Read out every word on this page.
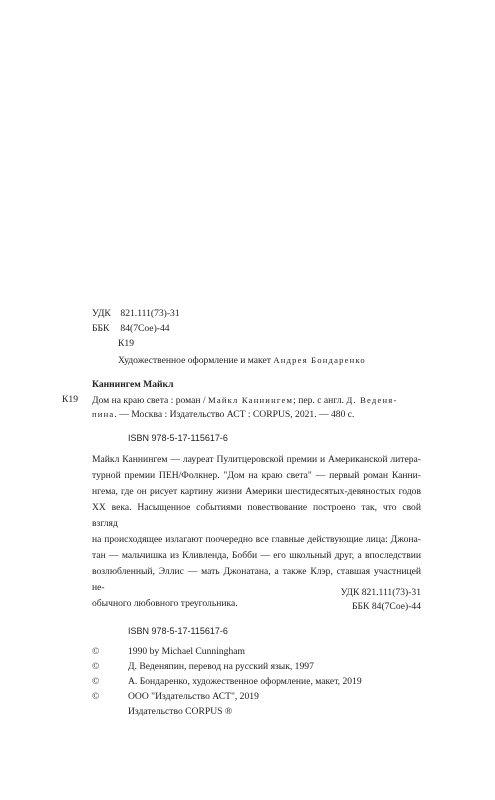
УДК 821.111(73)-31
ББК 84(7Сое)-44
К19
Художественное оформление и макет Андрея Бондаренко
Каннингем Майкл
К19 Дом на краю света : роман / Майкл Каннингем; пер. с англ. Д. Веденя-
пина. — Москва : Издательство АСТ : CORPUS, 2021. — 480 с.
ISBN 978-5-17-115617-6
Майкл Каннингем — лауреат Пулитцеровской премии и Американской литера-
турной премии ПЕН/Фолкнер. "Дом на краю света" — первый роман Канни-
нгема, где он рисует картину жизни Америки шестидесятых-девяностых годов
XX века. Насыщенное событиями повествование построено так, что свой взгляд
на происходящее излагают поочередно все главные действующие лица: Джона-
тан — мальчишка из Кливленда, Бобби — его школьный друг, а впоследствии
возлюбленный, Эллис — мать Джонатана, а также Клэр, ставшая участницей не-
обычного любовного треугольника.
УДК 821.111(73)-31
ББК 84(7Сое)-44
ISBN 978-5-17-115617-6
©	1990 by Michael Cunningham
©	Д. Веденяпин, перевод на русский язык, 1997
©	А. Бондаренко, художественное оформление, макет, 2019
©	ООО "Издательство АСТ", 2019
Издательство CORPUS ®
